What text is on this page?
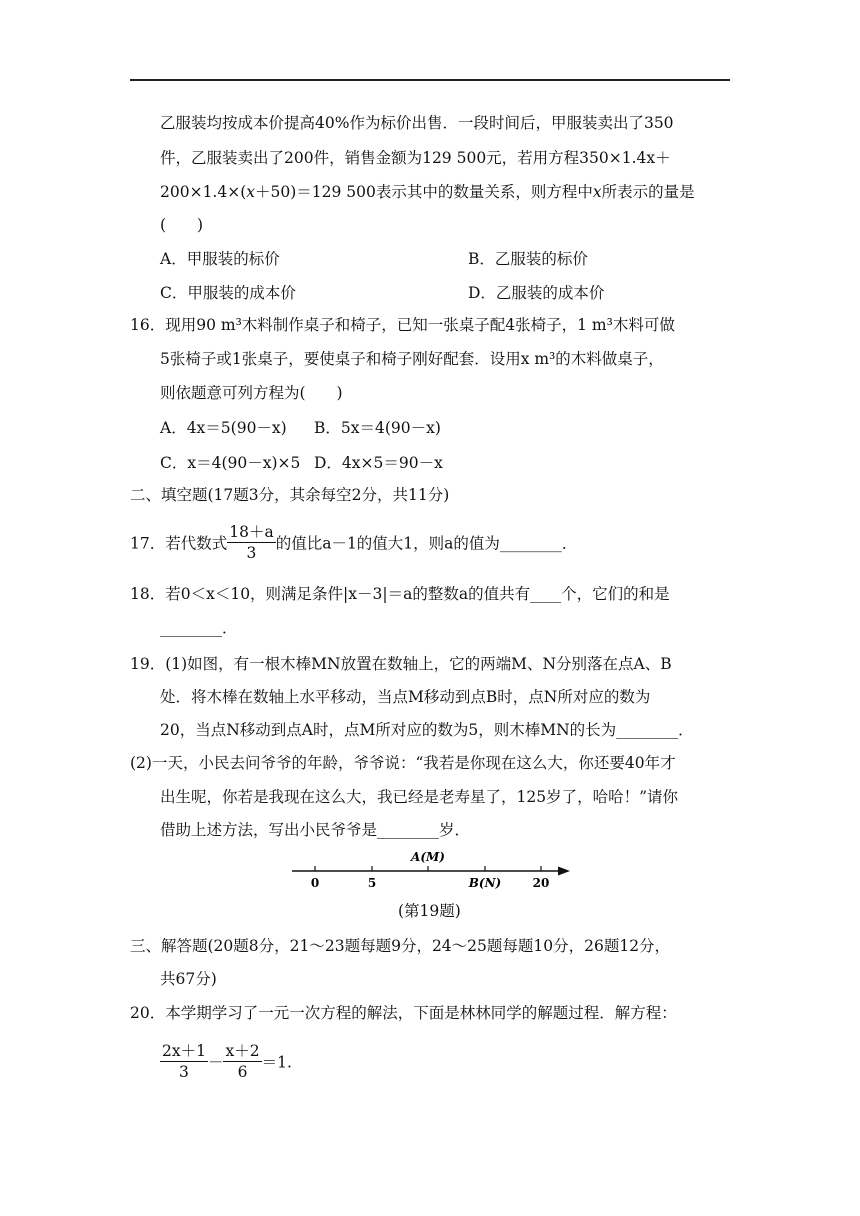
乙服装均按成本价提高40%作为标价出售．一段时间后，甲服装卖出了350
件，乙服装卖出了200件，销售金额为129 500元，若用方程350×1.4x＋
200×1.4×(x＋50)＝129 500表示其中的数量关系，则方程中x所表示的量是
(　　)
A．甲服装的标价	B．乙服装的标价
C．甲服装的成本价	D．乙服装的成本价
16．现用90 m³木料制作桌子和椅子，已知一张桌子配4张椅子，1 m³木料可做
5张椅子或1张桌子，要使桌子和椅子刚好配套．设用x m³的木料做桌子，
则依题意可列方程为(　　)
A．4x＝5(90－x) B．5x＝4(90－x)
C．x＝4(90－x)×5 D．4x×5＝90－x
二、填空题(17题3分，其余每空2分，共11分)
17．若代数式 $\frac{18+a}{3}$ 的值比a－1的值大1，则a的值为________．
18．若0＜x＜10，则满足条件|x－3|＝a的整数a的值共有____个，它们的和是
________．
19．(1)如图，有一根木棒MN放置在数轴上，它的两端M、N分别落在点A、B
处．将木棒在数轴上水平移动，当点M移动到点B时，点N所对应的数为
20，当点N移动到点A时，点M所对应的数为5，则木棒MN的长为________．
(2)一天，小民去问爷爷的年龄，爷爷说：“我若是你现在这么大，你还要40年才
出生呢，你若是我现在这么大，我已经是老寿星了，125岁了，哈哈！”请你
借助上述方法，写出小民爷爷是________岁．
A(M)
0	5	B(N)	20
(第19题)
三、解答题(20题8分，21～23题每题9分，24～25题每题10分，26题12分，
共67分)
20．本学期学习了一元一次方程的解法，下面是林林同学的解题过程．解方程：
$\frac{2x+1}{3} - \frac{x+2}{6} =1$.
